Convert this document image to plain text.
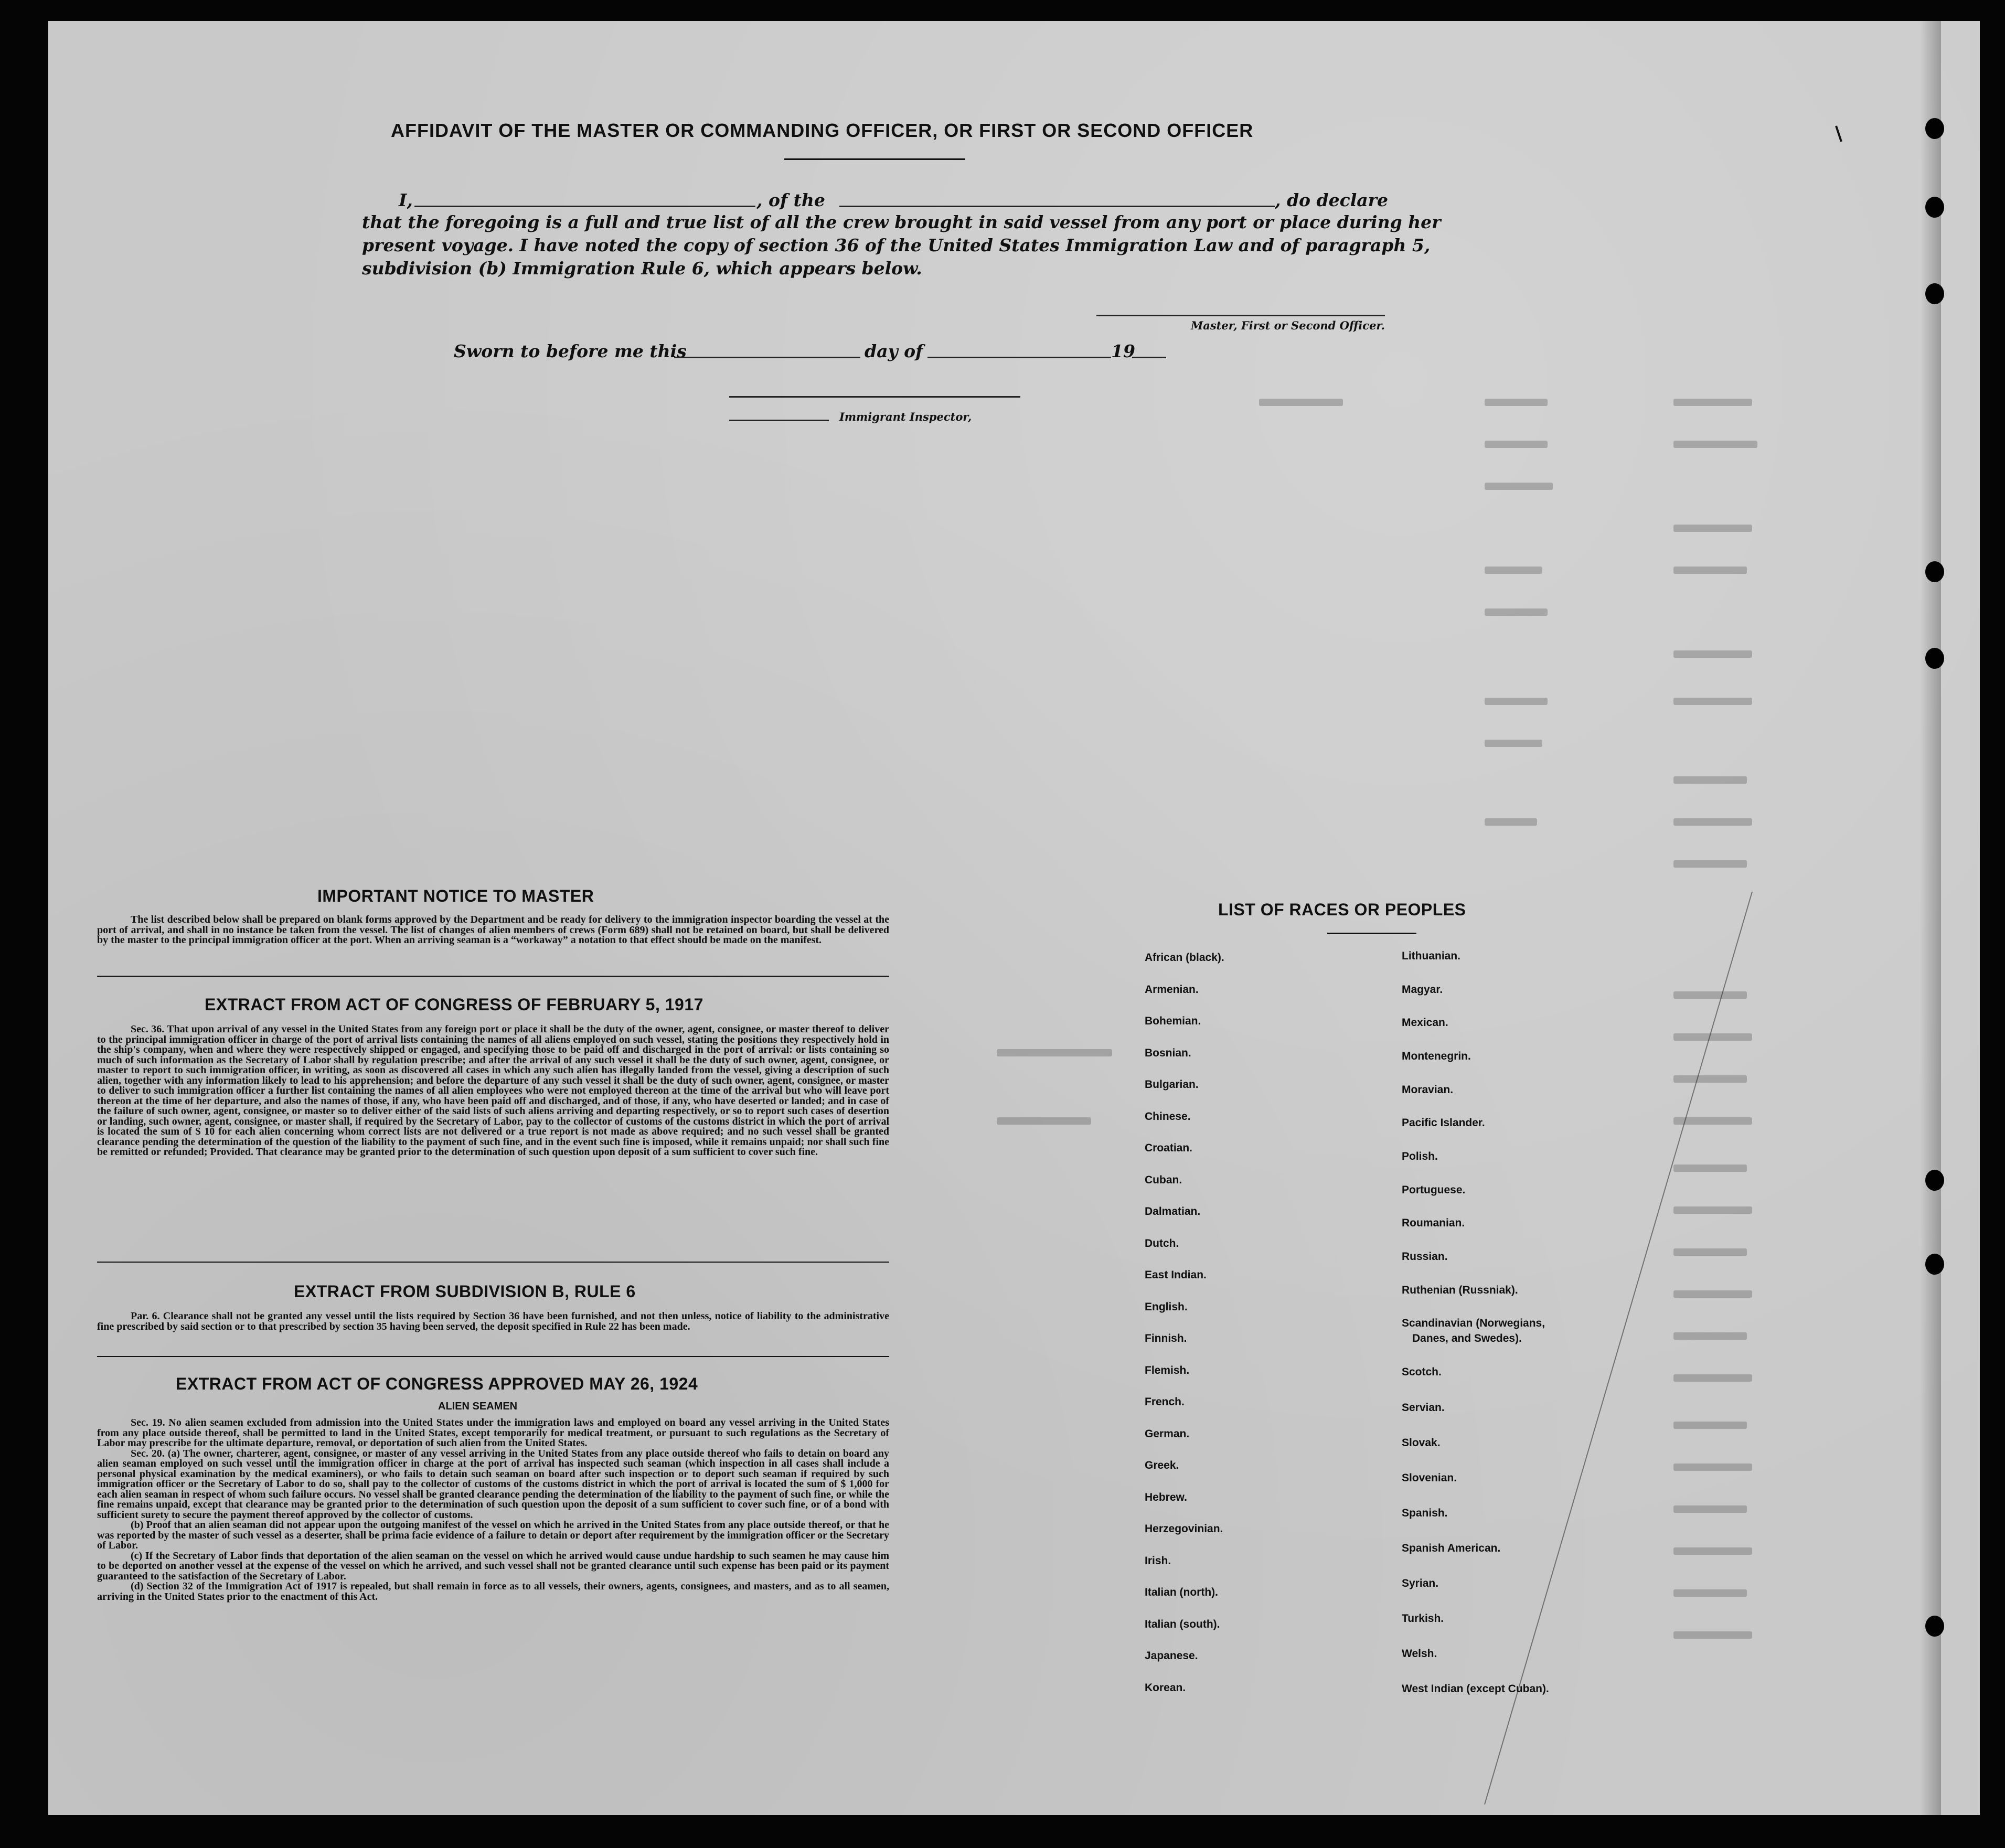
AFFIDAVIT OF THE MASTER OR COMMANDING OFFICER, OR FIRST OR SECOND OFFICER
I,	, of the	, do declare
that the foregoing is a full and true list of all the crew brought in said vessel from any port or place during her
present voyage. I have noted the copy of section 36 of the United States Immigration Law and of paragraph 5,
subdivision (b) Immigration Rule 6, which appears below.
Master, First or Second Officer.
Sworn to before me this	day of	19
Immigrant Inspector,
IMPORTANT NOTICE TO MASTER

The list described below shall be prepared on blank forms approved by the Department and be ready for delivery to the immigration inspector boarding the vessel at the port of arrival, and shall in no instance be taken from the vessel. The list of changes of alien members of crews (Form 689) shall not be retained on board, but shall be delivered by the master to the principal immigration officer at the port. When an arriving seaman is a “workaway” a notation to that effect should be made on the manifest.

EXTRACT FROM ACT OF CONGRESS OF FEBRUARY 5, 1917

Sec. 36. That upon arrival of any vessel in the United States from any foreign port or place it shall be the duty of the owner, agent, consignee, or master thereof to deliver to the principal immigration officer in charge of the port of arrival lists containing the names of all aliens employed on such vessel, stating the positions they respectively hold in the ship's company, when and where they were respectively shipped or engaged, and specifying those to be paid off and discharged in the port of arrival: or lists containing so much of such information as the Secretary of Labor shall by regulation prescribe; and after the arrival of any such vessel it shall be the duty of such owner, agent, consignee, or master to report to such immigration officer, in writing, as soon as discovered all cases in which any such alien has illegally landed from the vessel, giving a description of such alien, together with any information likely to lead to his apprehension; and before the departure of any such vessel it shall be the duty of such owner, agent, consignee, or master to deliver to such immigration officer a further list containing the names of all alien employees who were not employed thereon at the time of the arrival but who will leave port thereon at the time of her departure, and also the names of those, if any, who have been paid off and discharged, and of those, if any, who have deserted or landed; and in case of the failure of such owner, agent, consignee, or master so to deliver either of the said lists of such aliens arriving and departing respectively, or so to report such cases of desertion or landing, such owner, agent, consignee, or master shall, if required by the Secretary of Labor, pay to the collector of customs of the customs district in which the port of arrival is located the sum of $ 10 for each alien concerning whom correct lists are not delivered or a true report is not made as above required; and no such vessel shall be granted clearance pending the determination of the question of the liability to the payment of such fine, and in the event such fine is imposed, while it remains unpaid; nor shall such fine be remitted or refunded; Provided. That clearance may be granted prior to the determination of such question upon deposit of a sum sufficient to cover such fine.

EXTRACT FROM SUBDIVISION B, RULE 6

Par. 6. Clearance shall not be granted any vessel until the lists required by Section 36 have been furnished, and not then unless, notice of liability to the administrative fine prescribed by said section or to that prescribed by section 35 having been served, the deposit specified in Rule 22 has been made.

EXTRACT FROM ACT OF CONGRESS APPROVED MAY 26, 1924
ALIEN SEAMEN

Sec. 19. No alien seamen excluded from admission into the United States under the immigration laws and employed on board any vessel arriving in the United States from any place outside thereof, shall be permitted to land in the United States, except temporarily for medical treatment, or pursuant to such regulations as the Secretary of Labor may prescribe for the ultimate departure, removal, or deportation of such alien from the United States.

Sec. 20. (a) The owner, charterer, agent, consignee, or master of any vessel arriving in the United States from any place outside thereof who fails to detain on board any alien seaman employed on such vessel until the immigration officer in charge at the port of arrival has inspected such seaman (which inspection in all cases shall include a personal physical examination by the medical examiners), or who fails to detain such seaman on board after such inspection or to deport such seaman if required by such immigration officer or the Secretary of Labor to do so, shall pay to the collector of customs of the customs district in which the port of arrival is located the sum of $ 1,000 for each alien seaman in respect of whom such failure occurs. No vessel shall be granted clearance pending the determination of the liability to the payment of such fine, or while the fine remains unpaid, except that clearance may be granted prior to the determination of such question upon the deposit of a sum sufficient to cover such fine, or of a bond with sufficient surety to secure the payment thereof approved by the collector of customs.

(b) Proof that an alien seaman did not appear upon the outgoing manifest of the vessel on which he arrived in the United States from any place outside thereof, or that he was reported by the master of such vessel as a deserter, shall be prima facie evidence of a failure to detain or deport after requirement by the immigration officer or the Secretary of Labor.

(c) If the Secretary of Labor finds that deportation of the alien seaman on the vessel on which he arrived would cause undue hardship to such seamen he may cause him to be deported on another vessel at the expense of the vessel on which he arrived, and such vessel shall not be granted clearance until such expense has been paid or its payment guaranteed to the satisfaction of the Secretary of Labor.

(d) Section 32 of the Immigration Act of 1917 is repealed, but shall remain in force as to all vessels, their owners, agents, consignees, and masters, and as to all seamen, arriving in the United States prior to the enactment of this Act.

LIST OF RACES OR PEOPLES
African (black).
Armenian.
Bohemian.
Bosnian.
Bulgarian.
Chinese.
Croatian.
Cuban.
Dalmatian.
Dutch.
East Indian.
English.
Finnish.
Flemish.
French.
German.
Greek.
Hebrew.
Herzegovinian.
Irish.
Italian (north).
Italian (south).
Japanese.
Korean.
Lithuanian.
Magyar.
Mexican.
Montenegrin.
Moravian.
Pacific Islander.
Polish.
Portuguese.
Roumanian.
Russian.
Ruthenian (Russniak).
Scandinavian (Norwegians,
Danes, and Swedes).
Scotch.
Servian.
Slovak.
Slovenian.
Spanish.
Spanish American.
Syrian.
Turkish.
Welsh.
West Indian (except Cuban).
